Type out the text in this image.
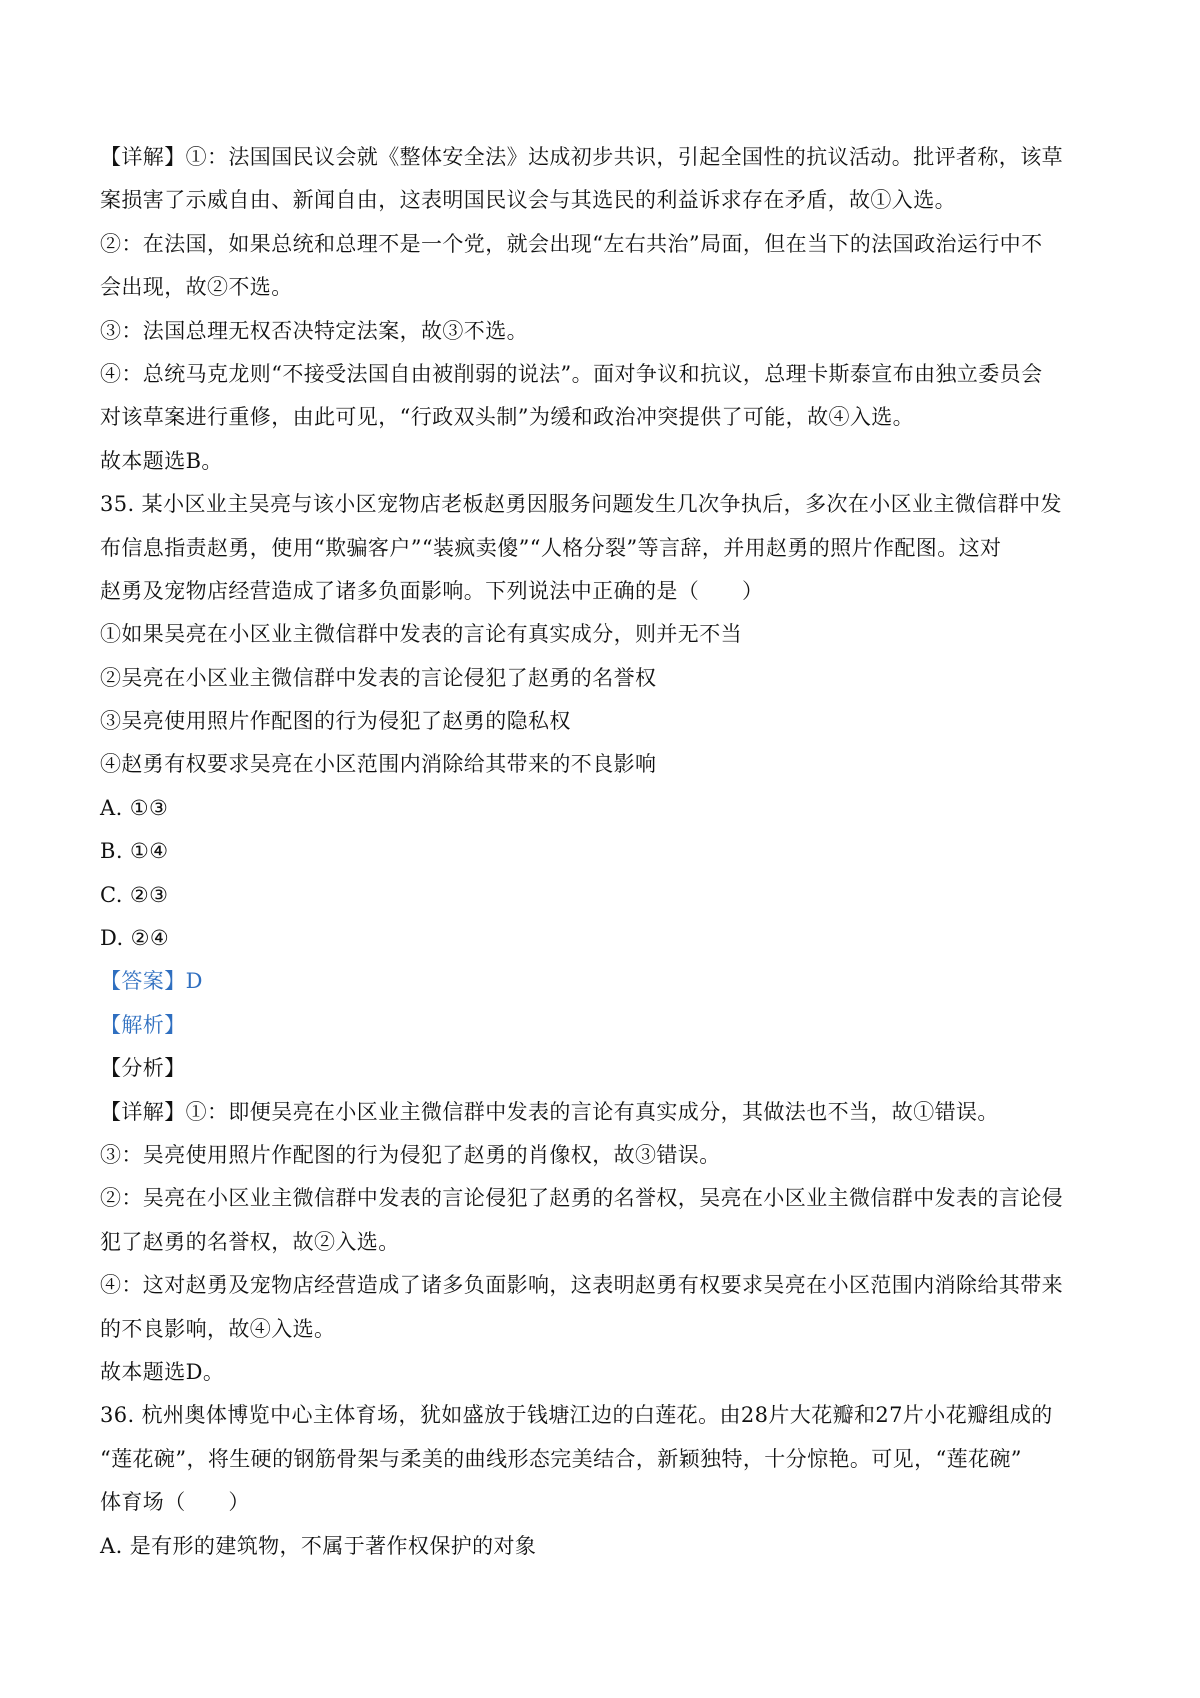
【详解】①：法国国民议会就《整体安全法》达成初步共识，引起全国性的抗议活动。批评者称，该草
案损害了示威自由、新闻自由，这表明国民议会与其选民的利益诉求存在矛盾，故①入选。
②：在法国，如果总统和总理不是一个党，就会出现“左右共治”局面，但在当下的法国政治运行中不
会出现，故②不选。
③：法国总理无权否决特定法案，故③不选。
④：总统马克龙则“不接受法国自由被削弱的说法”。面对争议和抗议，总理卡斯泰宣布由独立委员会
对该草案进行重修，由此可见，“行政双头制”为缓和政治冲突提供了可能，故④入选。
故本题选B。
35. 某小区业主吴亮与该小区宠物店老板赵勇因服务问题发生几次争执后，多次在小区业主微信群中发
布信息指责赵勇，使用“欺骗客户”“装疯卖傻”“人格分裂”等言辞，并用赵勇的照片作配图。这对
赵勇及宠物店经营造成了诸多负面影响。下列说法中正确的是（　　）
①如果吴亮在小区业主微信群中发表的言论有真实成分，则并无不当
②吴亮在小区业主微信群中发表的言论侵犯了赵勇的名誉权
③吴亮使用照片作配图的行为侵犯了赵勇的隐私权
④赵勇有权要求吴亮在小区范围内消除给其带来的不良影响
A. ①③
B. ①④
C. ②③
D. ②④
【答案】D
【解析】
【分析】
【详解】①：即便吴亮在小区业主微信群中发表的言论有真实成分，其做法也不当，故①错误。
③：吴亮使用照片作配图的行为侵犯了赵勇的肖像权，故③错误。
②：吴亮在小区业主微信群中发表的言论侵犯了赵勇的名誉权，吴亮在小区业主微信群中发表的言论侵
犯了赵勇的名誉权，故②入选。
④：这对赵勇及宠物店经营造成了诸多负面影响，这表明赵勇有权要求吴亮在小区范围内消除给其带来
的不良影响，故④入选。
故本题选D。
36. 杭州奥体博览中心主体育场，犹如盛放于钱塘江边的白莲花。由28片大花瓣和27片小花瓣组成的
“莲花碗”，将生硬的钢筋骨架与柔美的曲线形态完美结合，新颖独特，十分惊艳。可见，“莲花碗”
体育场（　　）
A. 是有形的建筑物，不属于著作权保护的对象
